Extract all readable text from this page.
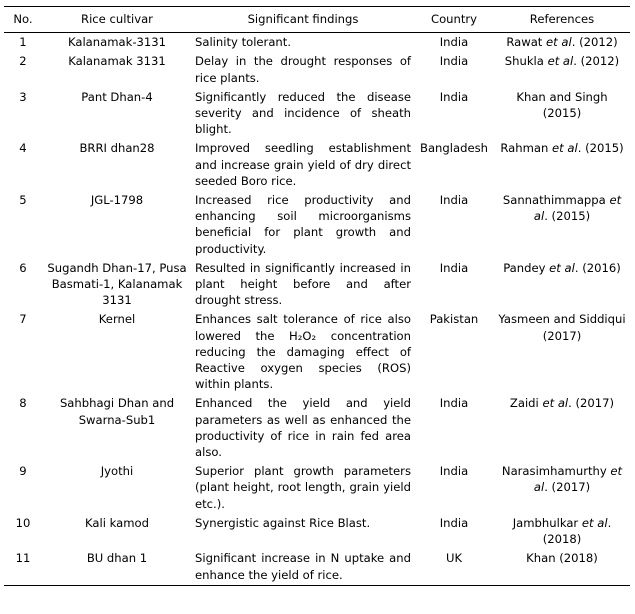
No.	Rice cultivar	Significant findings	Country	References
1	Kalanamak-3131	Salinity tolerant.	India	Rawat et al. (2012)
2	Kalanamak 3131	Delay in the drought responses of rice plants.	India	Shukla et al. (2012)
3	Pant Dhan-4	Significantly reduced the disease severity and incidence of sheath blight.	India	Khan and Singh (2015)
4	BRRI dhan28	Improved seedling establishment and increase grain yield of dry direct seeded Boro rice.	Bangladesh	Rahman et al. (2015)
5	JGL-1798	Increased rice productivity and enhancing soil microorganisms beneficial for plant growth and productivity.	India	Sannathimmappa et al. (2015)
6	Sugandh Dhan-17, Pusa Basmati-1, Kalanamak 3131	Resulted in significantly increased in plant height before and after drought stress.	India	Pandey et al. (2016)
7	Kernel	Enhances salt tolerance of rice also lowered the H₂O₂ concentration reducing the damaging effect of Reactive oxygen species (ROS) within plants.	Pakistan	Yasmeen and Siddiqui (2017)
8	Sahbhagi Dhan and Swarna-Sub1	Enhanced the yield and yield parameters as well as enhanced the productivity of rice in rain fed area also.	India	Zaidi et al. (2017)
9	Jyothi	Superior plant growth parameters (plant height, root length, grain yield etc.).	India	Narasimhamurthy et al. (2017)
10	Kali kamod	Synergistic against Rice Blast.	India	Jambhulkar et al. (2018)
11	BU dhan 1	Significant increase in N uptake and enhance the yield of rice.	UK	Khan (2018)
